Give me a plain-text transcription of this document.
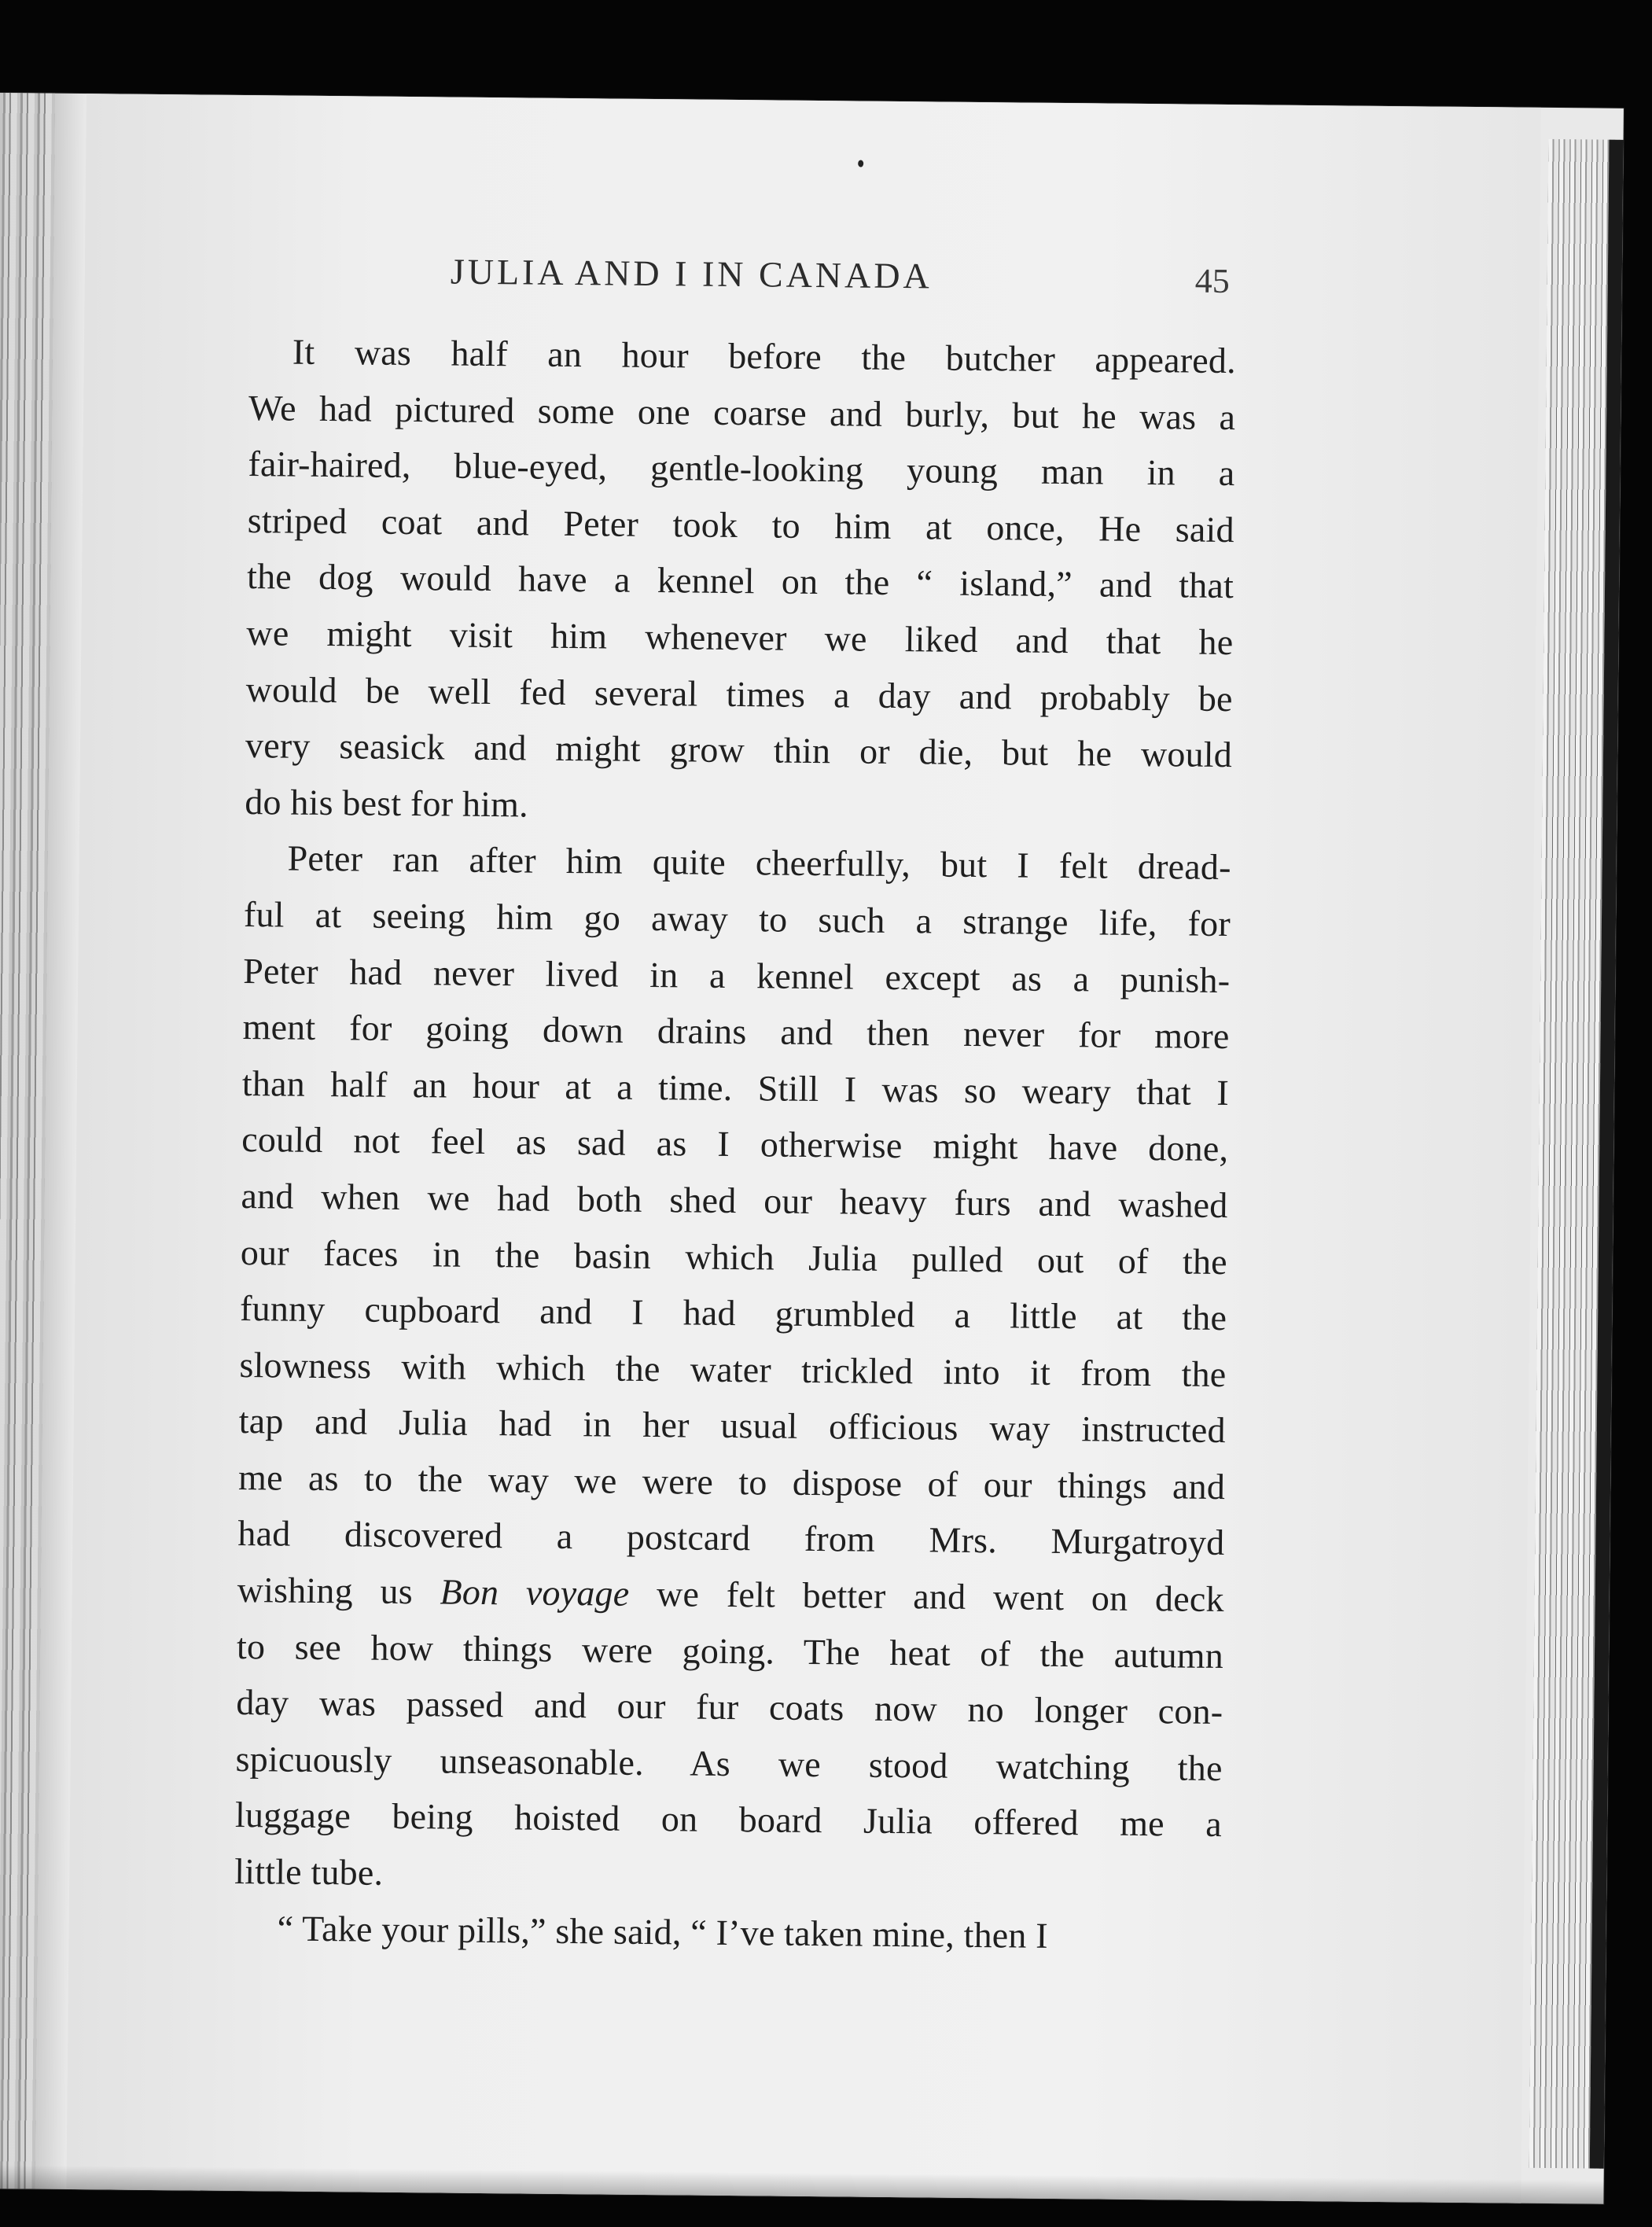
JULIA AND I IN CANADA	45
It was half an hour before the butcher appeared.
We had pictured some one coarse and burly, but he was a
fair-haired, blue-eyed, gentle-looking young man in a
striped coat and Peter took to him at once, He said
the dog would have a kennel on the “ island,” and that
we might visit him whenever we liked and that he
would be well fed several times a day and probably be
very seasick and might grow thin or die, but he would
do his best for him.
Peter ran after him quite cheerfully, but I felt dread-
ful at seeing him go away to such a strange life, for
Peter had never lived in a kennel except as a punish-
ment for going down drains and then never for more
than half an hour at a time. Still I was so weary that I
could not feel as sad as I otherwise might have done,
and when we had both shed our heavy furs and washed
our faces in the basin which Julia pulled out of the
funny cupboard and I had grumbled a little at the
slowness with which the water trickled into it from the
tap and Julia had in her usual officious way instructed
me as to the way we were to dispose of our things and
had discovered a postcard from Mrs. Murgatroyd
wishing us Bon voyage we felt better and went on deck
to see how things were going. The heat of the autumn
day was passed and our fur coats now no longer con-
spicuously unseasonable. As we stood watching the
luggage being hoisted on board Julia offered me a
little tube.
“ Take your pills,” she said, “ I’ve taken mine, then I
